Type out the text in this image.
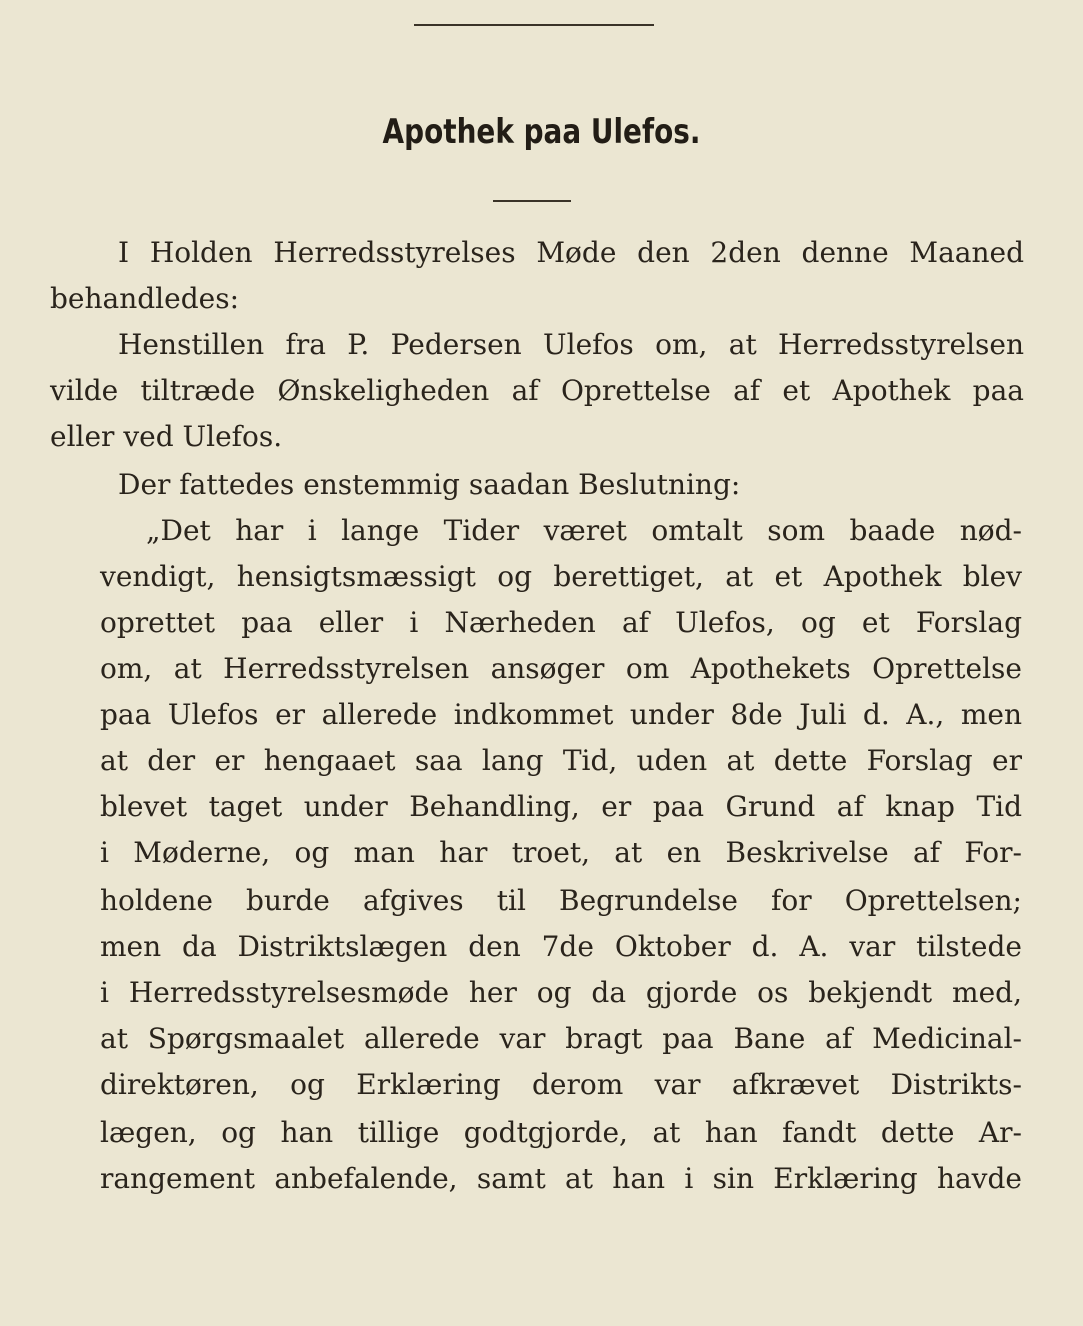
Apothek paa Ulefos.
I Holden Herredsstyrelses Møde den 2den denne Maaned
behandledes:
Henstillen fra P. Pedersen Ulefos om, at Herredsstyrelsen
vilde tiltræde Ønskeligheden af Oprettelse af et Apothek paa
eller ved Ulefos.
Der fattedes enstemmig saadan Beslutning:
„Det har i lange Tider været omtalt som baade nød-
vendigt, hensigtsmæssigt og berettiget, at et Apothek blev
oprettet paa eller i Nærheden af Ulefos, og et Forslag
om, at Herredsstyrelsen ansøger om Apothekets Oprettelse
paa Ulefos er allerede indkommet under 8de Juli d. A., men
at der er hengaaet saa lang Tid, uden at dette Forslag er
blevet taget under Behandling, er paa Grund af knap Tid
i Møderne, og man har troet, at en Beskrivelse af For-
holdene burde afgives til Begrundelse for Oprettelsen;
men da Distriktslægen den 7de Oktober d. A. var tilstede
i Herredsstyrelsesmøde her og da gjorde os bekjendt med,
at Spørgsmaalet allerede var bragt paa Bane af Medicinal-
direktøren, og Erklæring derom var afkrævet Distrikts-
lægen, og han tillige godtgjorde, at han fandt dette Ar-
rangement anbefalende, samt at han i sin Erklæring havde
